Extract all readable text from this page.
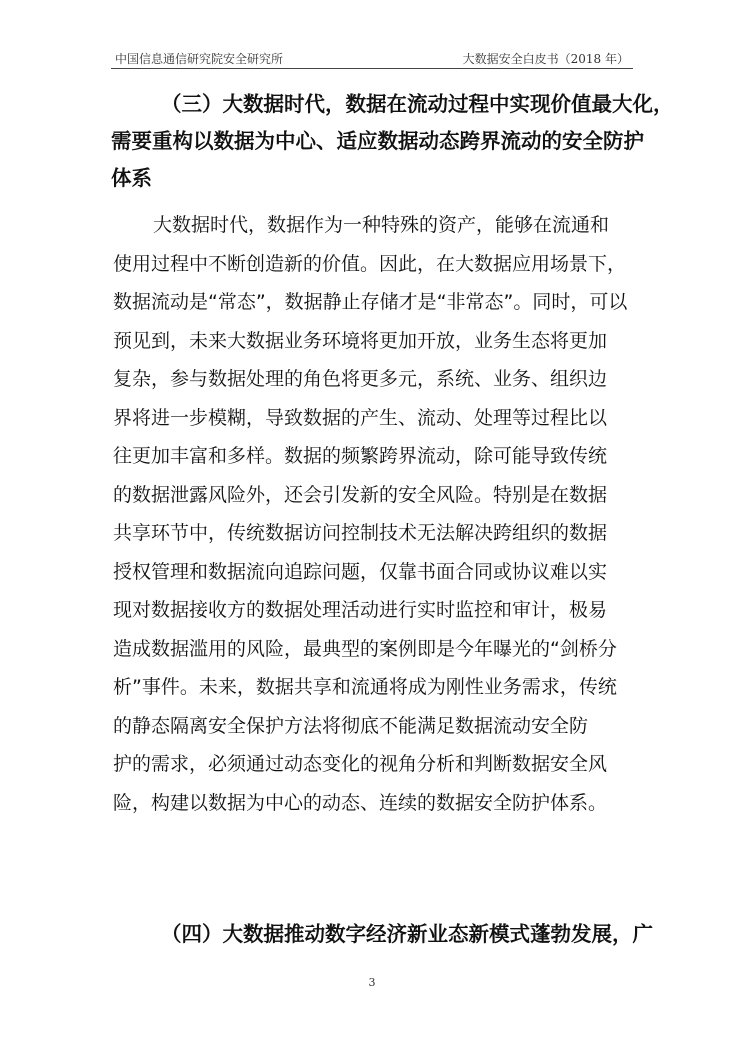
中国信息通信研究院安全研究所	大数据安全白皮书（2018 年）
（三）大数据时代，数据在流动过程中实现价值最大化，
需要重构以数据为中心、适应数据动态跨界流动的安全防护
体系
大数据时代，数据作为一种特殊的资产，能够在流通和
使用过程中不断创造新的价值。因此，在大数据应用场景下，
数据流动是“常态”，数据静止存储才是“非常态”。同时，可以
预见到，未来大数据业务环境将更加开放，业务生态将更加
复杂，参与数据处理的角色将更多元，系统、业务、组织边
界将进一步模糊，导致数据的产生、流动、处理等过程比以
往更加丰富和多样。数据的频繁跨界流动，除可能导致传统
的数据泄露风险外，还会引发新的安全风险。特别是在数据
共享环节中，传统数据访问控制技术无法解决跨组织的数据
授权管理和数据流向追踪问题，仅靠书面合同或协议难以实
现对数据接收方的数据处理活动进行实时监控和审计，极易
造成数据滥用的风险，最典型的案例即是今年曝光的“剑桥分
析”事件。未来，数据共享和流通将成为刚性业务需求，传统
的静态隔离安全保护方法将彻底不能满足数据流动安全防
护的需求，必须通过动态变化的视角分析和判断数据安全风
险，构建以数据为中心的动态、连续的数据安全防护体系。
（四）大数据推动数字经济新业态新模式蓬勃发展，广
3
